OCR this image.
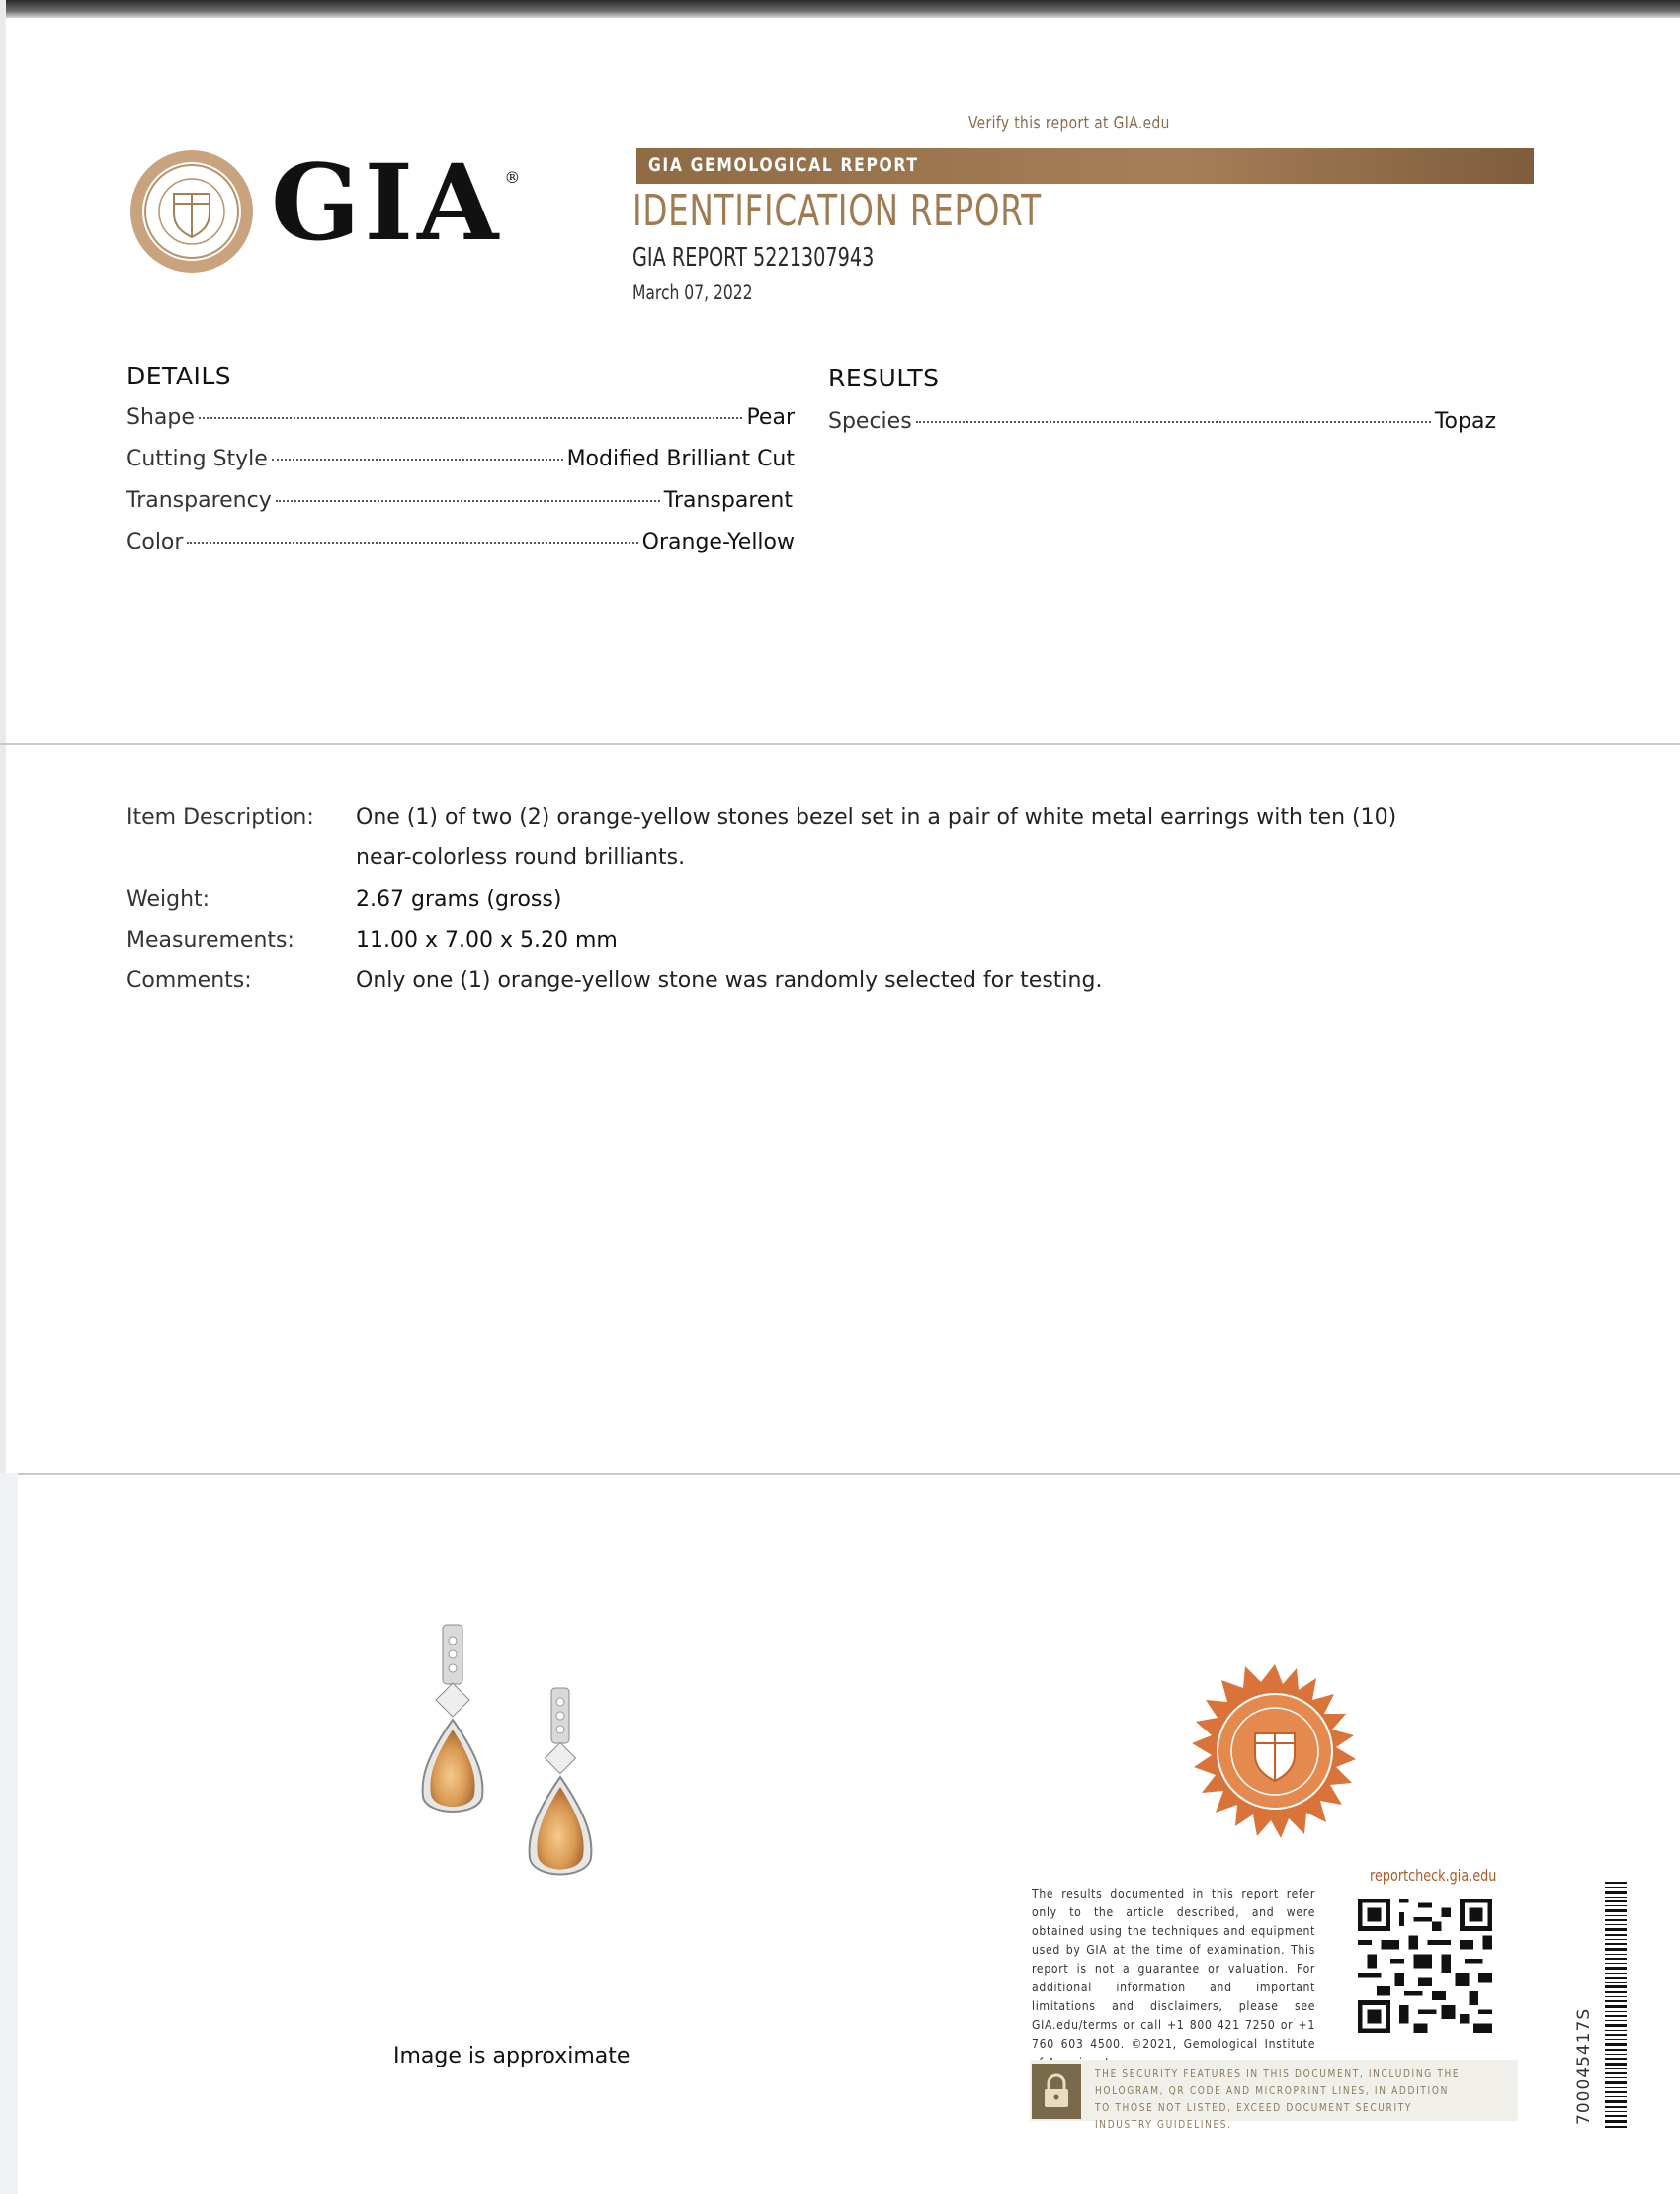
GIA ®
Verify this report at GIA.edu
GIA GEMOLOGICAL REPORT
IDENTIFICATION REPORT
GIA REPORT 5221307943
March 07, 2022
DETAILS
Shape	Pear
Cutting Style	Modified Brilliant Cut
Transparency	Transparent
Color	Orange-Yellow
RESULTS
Species	Topaz
Item Description: One (1) of two (2) orange-yellow stones bezel set in a pair of white metal earrings with ten (10)
near-colorless round brilliants.
Weight:	2.67 grams (gross)
Measurements:	11.00 x 7.00 x 5.20 mm
Comments:	Only one (1) orange-yellow stone was randomly selected for testing.
Image is approximate
reportcheck.gia.edu
The results documented in this report refer only to the article described, and were obtained using the techniques and equipment used by GIA at the time of examination. This report is not a guarantee or valuation. For additional information and important limitations and disclaimers, please see GIA.edu/terms or call +1 800 421 7250 or +1 760 603 4500. ©2021, Gemological Institute
THE SECURITY FEATURES IN THIS DOCUMENT, INCLUDING THE HOLOGRAM, QR CODE AND MICROPRINT LINES, IN ADDITION TO THOSE NOT LISTED, EXCEED DOCUMENT SECURITY INDUSTRY GUIDELINES.	700045417S
